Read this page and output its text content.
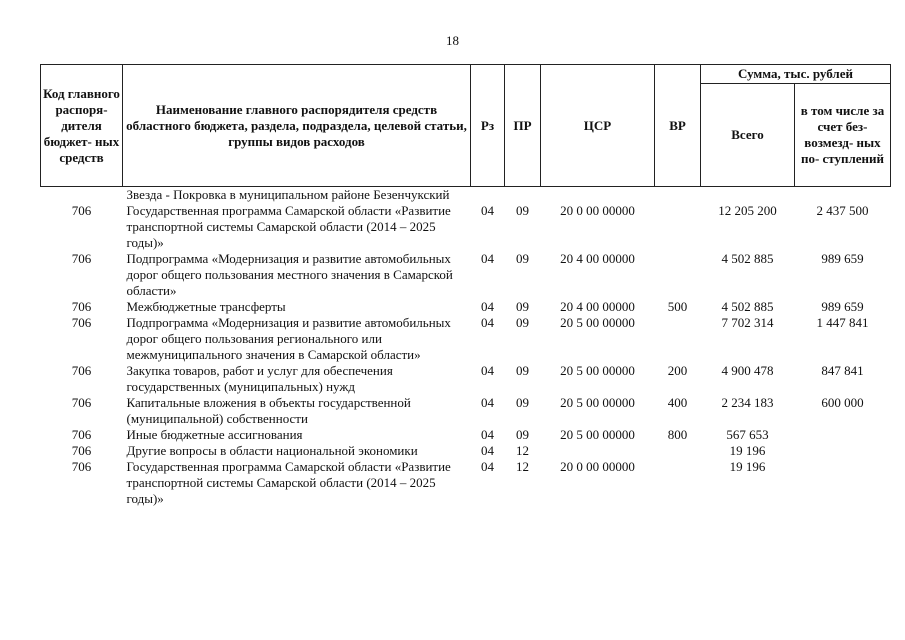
18
Код главного распоря- дителя бюджет- ных средств	Наименование главного распорядителя средств областного бюджета, раздела, подраздела, целевой статьи, группы видов расходов	Рз	ПР	ЦСР	ВР	Сумма, тыс. рублей	
						Всего	в том числе за счет без- возмезд- ных по- ступлений
	Звезда - Покровка в муниципальном районе Безенчукский						
706	Государственная программа Самарской области «Развитие транспортной системы Самарской области (2014 – 2025 годы)»	04	09	20 0 00 00000		12 205 200	2 437 500
706	Подпрограмма «Модернизация и развитие автомобильных дорог общего пользования местного значения в Самарской области»	04	09	20 4 00 00000		4 502 885	989 659
706	Межбюджетные трансферты	04	09	20 4 00 00000	500	4 502 885	989 659
706	Подпрограмма «Модернизация и развитие автомобильных дорог общего пользования регионального или межмуниципального значения в Самарской области»	04	09	20 5 00 00000		7 702 314	1 447 841
706	Закупка товаров, работ и услуг для обеспечения государственных (муниципальных) нужд	04	09	20 5 00 00000	200	4 900 478	847 841
706	Капитальные вложения в объекты государственной (муниципальной) собственности	04	09	20 5 00 00000	400	2 234 183	600 000
706	Иные бюджетные ассигнования	04	09	20 5 00 00000	800	567 653	
706	Другие вопросы в области национальной экономики	04	12			19 196	
706	Государственная программа Самарской области «Развитие транспортной системы Самарской области (2014 – 2025 годы)»	04	12	20 0 00 00000		19 196	
